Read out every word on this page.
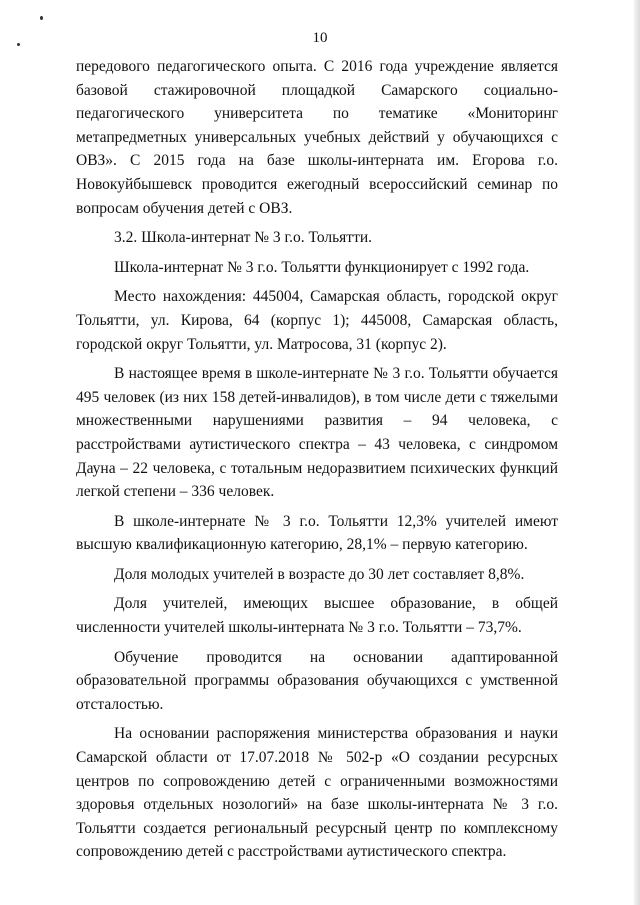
10

передового педагогического опыта. С 2016 года учреждение является базовой стажировочной площадкой Самарского социально-педагогического университета по тематике «Мониторинг метапредметных универсальных учебных действий у обучающихся с ОВЗ». С 2015 года на базе школы-интерната им. Егорова г.о. Новокуйбышевск проводится ежегодный всероссийский семинар по вопросам обучения детей с ОВЗ.

3.2. Школа-интернат № 3 г.о. Тольятти.

Школа-интернат № 3 г.о. Тольятти функционирует с 1992 года.

Место нахождения: 445004, Самарская область, городской округ Тольятти, ул. Кирова, 64 (корпус 1); 445008, Самарская область, городской округ Тольятти, ул. Матросова, 31 (корпус 2).

В настоящее время в школе-интернате № 3 г.о. Тольятти обучается 495 человек (из них 158 детей-инвалидов), в том числе дети с тяжелыми множественными нарушениями развития – 94 человека, с расстройствами аутистического спектра – 43 человека, с синдромом Дауна – 22 человека, с тотальным недоразвитием психических функций легкой степени – 336 человек.

В школе-интернате № 3 г.о. Тольятти 12,3% учителей имеют высшую квалификационную категорию, 28,1% – первую категорию.

Доля молодых учителей в возрасте до 30 лет составляет 8,8%.

Доля учителей, имеющих высшее образование, в общей численности учителей школы-интерната № 3 г.о. Тольятти – 73,7%.

Обучение проводится на основании адаптированной образовательной программы образования обучающихся с умственной отсталостью.

На основании распоряжения министерства образования и науки Самарской области от 17.07.2018 № 502-р «О создании ресурсных центров по сопровождению детей с ограниченными возможностями здоровья отдельных нозологий» на базе школы-интерната № 3 г.о. Тольятти создается региональный ресурсный центр по комплексному сопровождению детей с расстройствами аутистического спектра.
